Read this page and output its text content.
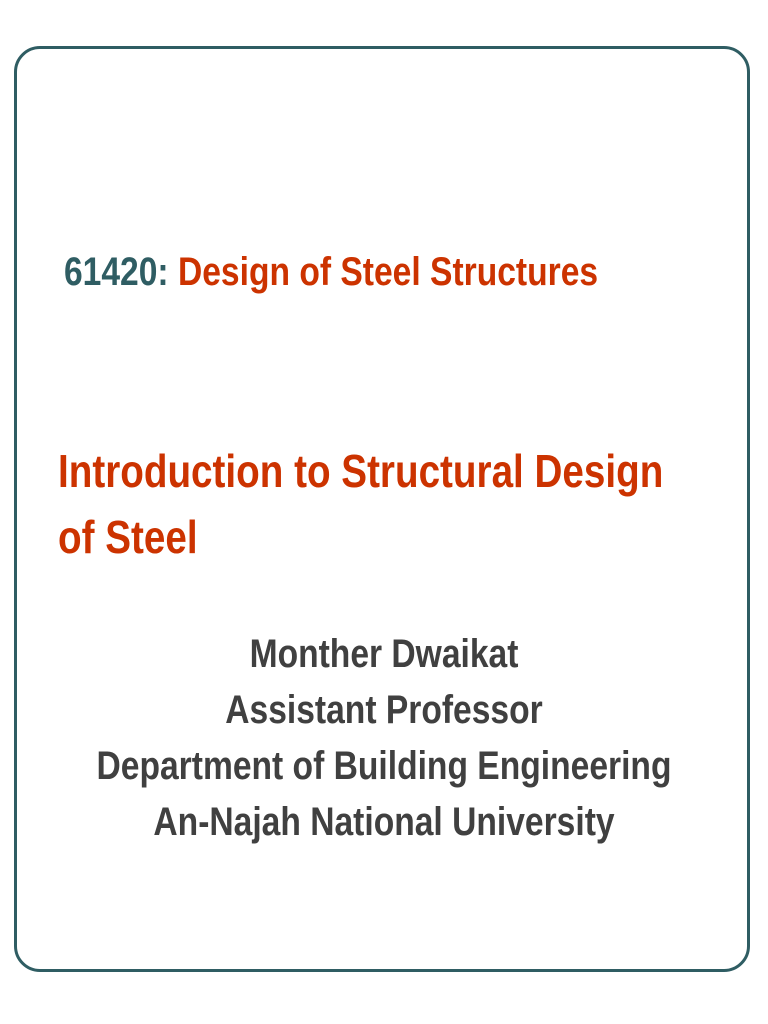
61420: Design of Steel Structures
Introduction to Structural Design
of Steel
Monther Dwaikat
Assistant Professor
Department of Building Engineering
An-Najah National University
